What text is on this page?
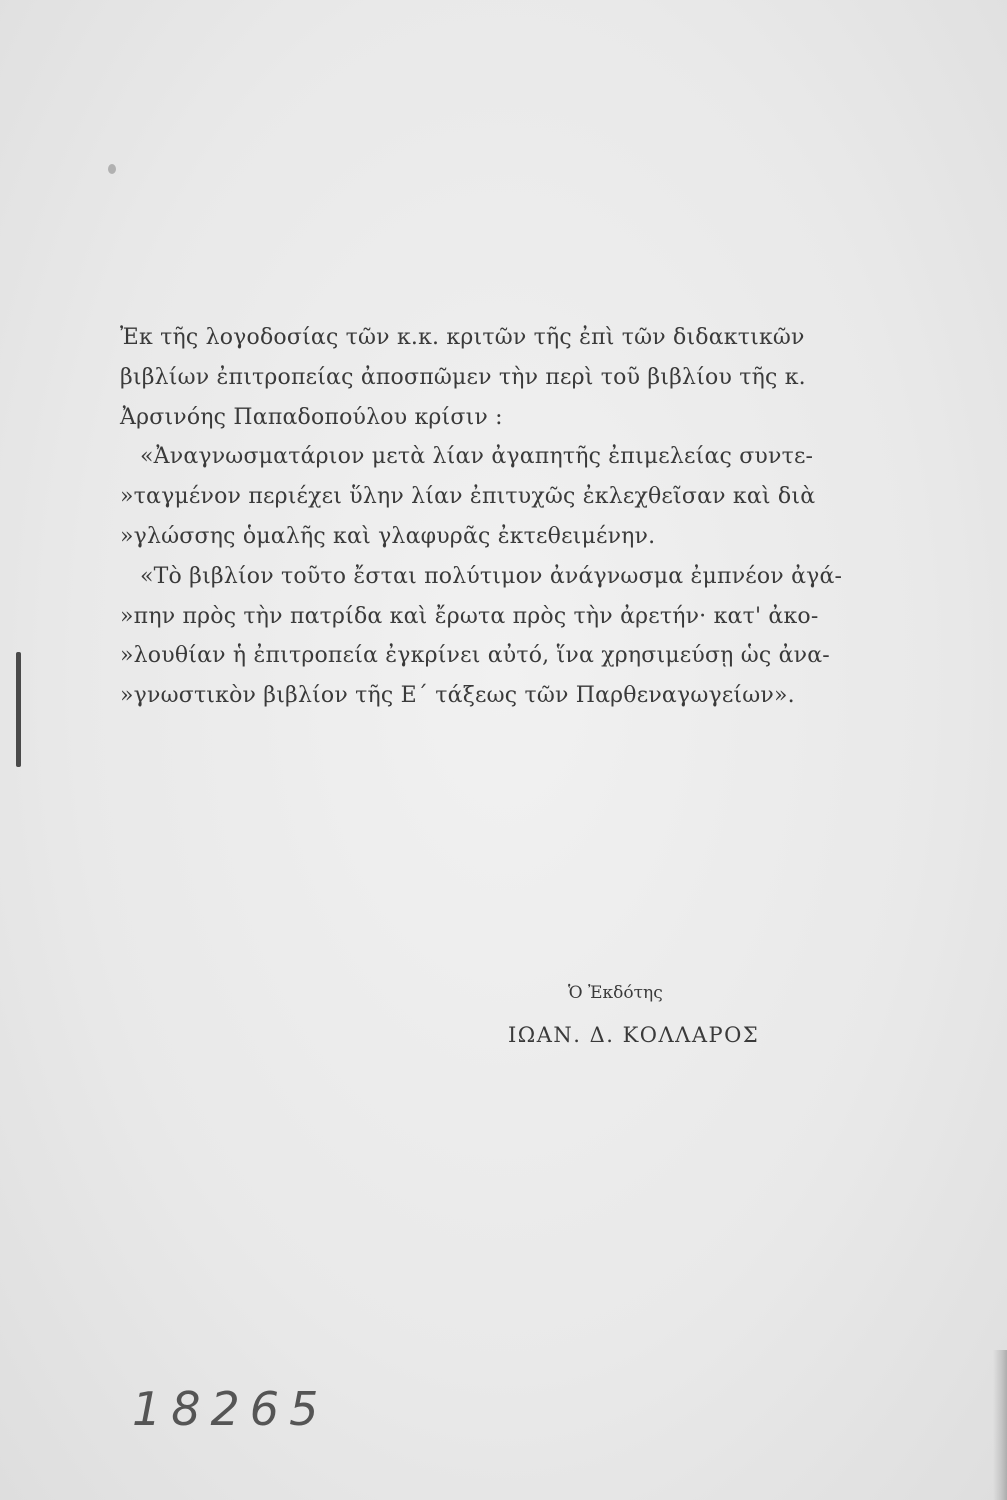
Ἐκ τῆς λογοδοσίας τῶν κ.κ. κριτῶν τῆς ἐπὶ τῶν διδακτικῶν
βιβλίων ἐπιτροπείας ἀποσπῶμεν τὴν περὶ τοῦ βιβλίου τῆς κ.
Ἀρσινόης Παπαδοπούλου κρίσιν :
«Ἀναγνωσματάριον μετὰ λίαν ἀγαπητῆς ἐπιμελείας συντε-
»ταγμένον περιέχει ὕλην λίαν ἐπιτυχῶς ἐκλεχθεῖσαν καὶ διὰ
»γλώσσης ὁμαλῆς καὶ γλαφυρᾶς ἐκτεθειμένην.
«Τὸ βιβλίον τοῦτο ἔσται πολύτιμον ἀνάγνωσμα ἐμπνέον ἀγά-
»πην πρὸς τὴν πατρίδα καὶ ἔρωτα πρὸς τὴν ἀρετήν· κατ' ἀκο-
»λουθίαν ἡ ἐπιτροπεία ἐγκρίνει αὐτό, ἵνα χρησιμεύσῃ ὡς ἀνα-
»γνωστικὸν βιβλίον τῆς Ε΄ τάξεως τῶν Παρθεναγωγείων».
Ὁ Ἐκδότης
ΙΩΑΝ. Δ. ΚΟΛΛΑΡΟΣ
18265
